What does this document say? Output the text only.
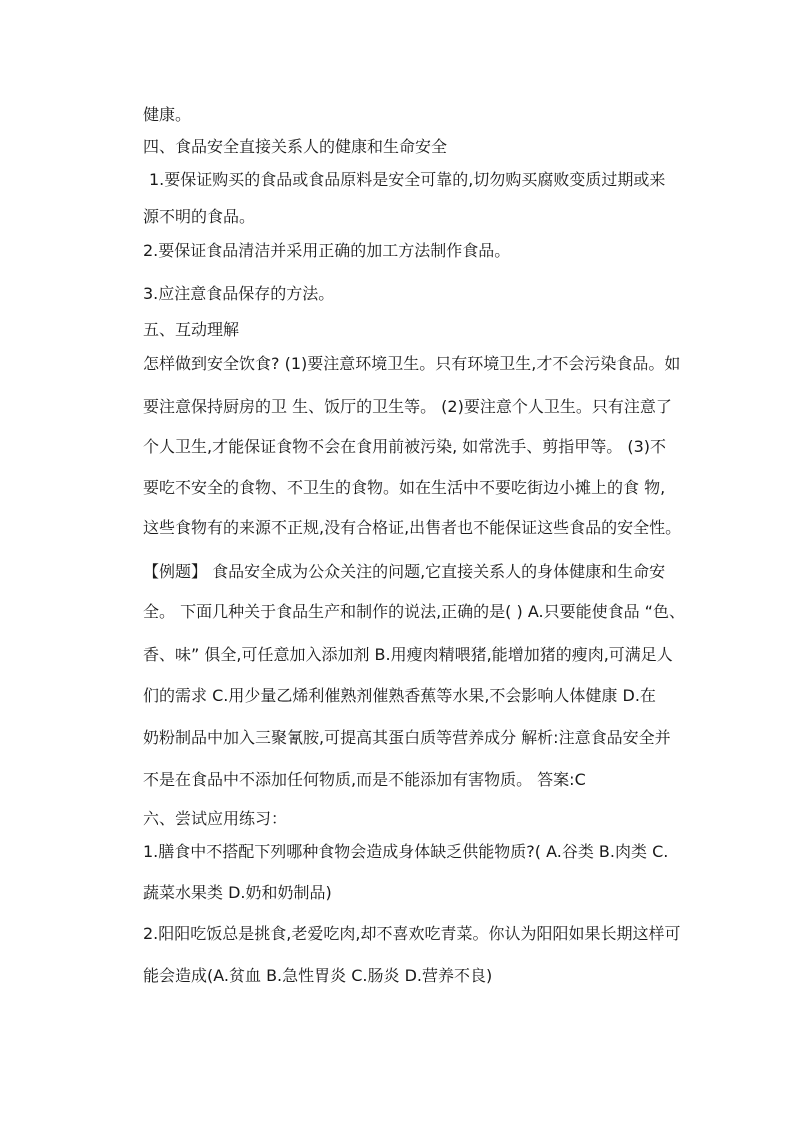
健康。
四、食品安全直接关系人的健康和生命安全
1.要保证购买的食品或食品原料是安全可靠的,切勿购买腐败变质过期或来
源不明的食品。
2.要保证食品清洁并采用正确的加工方法制作食品。
3.应注意食品保存的方法。
五、互动理解
怎样做到安全饮食? (1)要注意环境卫生。只有环境卫生,才不会污染食品。如
要注意保持厨房的卫 生、饭厅的卫生等。 (2)要注意个人卫生。只有注意了
个人卫生,才能保证食物不会在食用前被污染, 如常洗手、剪指甲等。 (3)不
要吃不安全的食物、不卫生的食物。如在生活中不要吃街边小摊上的食 物,
这些食物有的来源不正规,没有合格证,出售者也不能保证这些食品的安全性。
【例题】 食品安全成为公众关注的问题,它直接关系人的身体健康和生命安
全。 下面几种关于食品生产和制作的说法,正确的是( ) A.只要能使食品 “色、
香、味” 俱全,可任意加入添加剂 B.用瘦肉精喂猪,能增加猪的瘦肉,可满足人
们的需求 C.用少量乙烯利催熟剂催熟香蕉等水果,不会影响人体健康 D.在
奶粉制品中加入三聚氰胺,可提高其蛋白质等营养成分 解析:注意食品安全并
不是在食品中不添加任何物质,而是不能添加有害物质。 答案:C
六、尝试应用练习：
1.膳食中不搭配下列哪种食物会造成身体缺乏供能物质?( A.谷类 B.肉类 C.
蔬菜水果类 D.奶和奶制品)
2.阳阳吃饭总是挑食,老爱吃肉,却不喜欢吃青菜。你认为阳阳如果长期这样可
能会造成(A.贫血 B.急性胃炎 C.肠炎 D.营养不良)
